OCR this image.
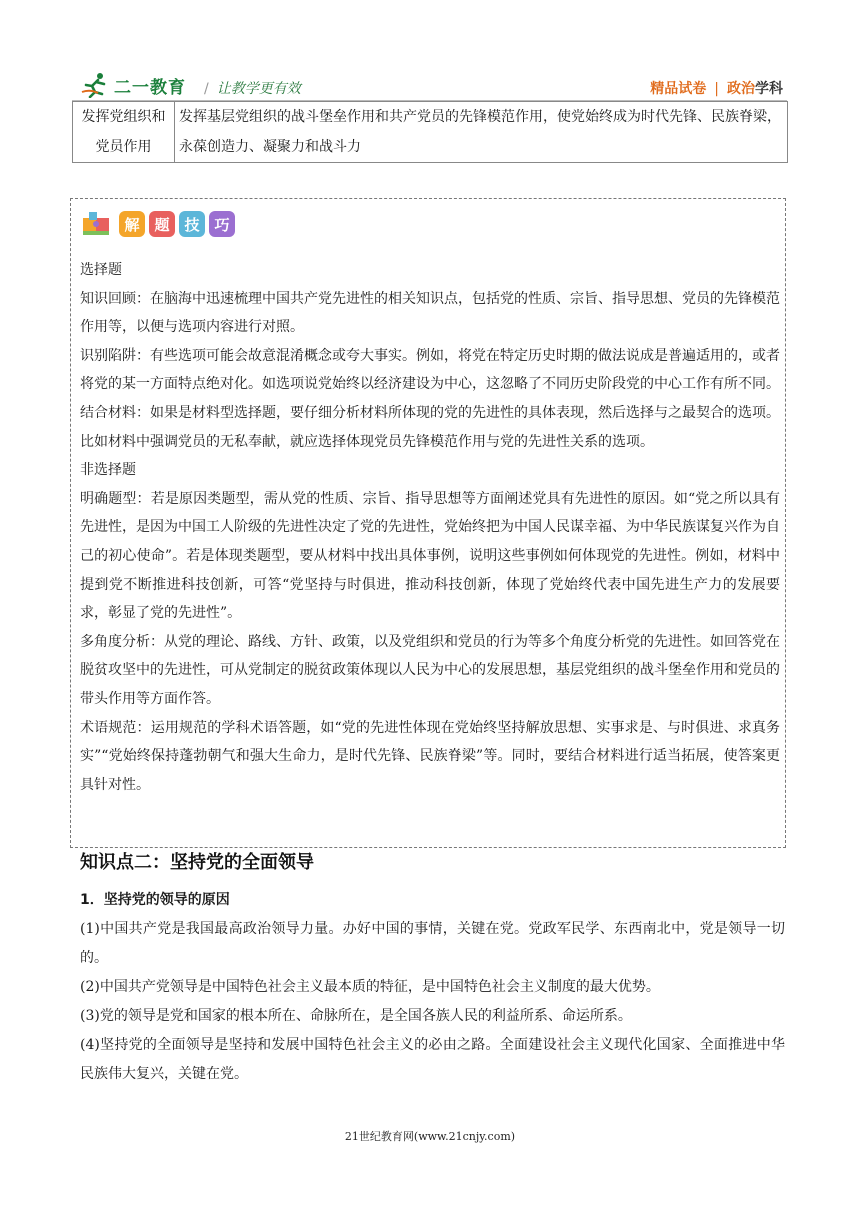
二一教育 / 让教学更有效	精品试卷 | 政治学科
发挥党组织和党员作用	发挥基层党组织的战斗堡垒作用和共产党员的先锋模范作用，使党始终成为时代先锋、民族脊梁，永葆创造力、凝聚力和战斗力
解 题 技 巧

选择题

知识回顾：在脑海中迅速梳理中国共产党先进性的相关知识点，包括党的性质、宗旨、指导思想、党员的先锋模范作用等，以便与选项内容进行对照。

识别陷阱：有些选项可能会故意混淆概念或夸大事实。例如，将党在特定历史时期的做法说成是普遍适用的，或者将党的某一方面特点绝对化。如选项说党始终以经济建设为中心，这忽略了不同历史阶段党的中心工作有所不同。

结合材料：如果是材料型选择题，要仔细分析材料所体现的党的先进性的具体表现，然后选择与之最契合的选项。比如材料中强调党员的无私奉献，就应选择体现党员先锋模范作用与党的先进性关系的选项。

非选择题

明确题型：若是原因类题型，需从党的性质、宗旨、指导思想等方面阐述党具有先进性的原因。如“党之所以具有先进性，是因为中国工人阶级的先进性决定了党的先进性，党始终把为中国人民谋幸福、为中华民族谋复兴作为自己的初心使命”。若是体现类题型，要从材料中找出具体事例，说明这些事例如何体现党的先进性。例如，材料中提到党不断推进科技创新，可答“党坚持与时俱进，推动科技创新，体现了党始终代表中国先进生产力的发展要求，彰显了党的先进性”。

多角度分析：从党的理论、路线、方针、政策，以及党组织和党员的行为等多个角度分析党的先进性。如回答党在脱贫攻坚中的先进性，可从党制定的脱贫政策体现以人民为中心的发展思想，基层党组织的战斗堡垒作用和党员的带头作用等方面作答。

术语规范：运用规范的学科术语答题，如“党的先进性体现在党始终坚持解放思想、实事求是、与时俱进、求真务实”“党始终保持蓬勃朝气和强大生命力，是时代先锋、民族脊梁”等。同时，要结合材料进行适当拓展，使答案更具针对性。

知识点二：坚持党的全面领导

1．坚持党的领导的原因

(1)中国共产党是我国最高政治领导力量。办好中国的事情，关键在党。党政军民学、东西南北中，党是领导一切的。

(2)中国共产党领导是中国特色社会主义最本质的特征，是中国特色社会主义制度的最大优势。

(3)党的领导是党和国家的根本所在、命脉所在，是全国各族人民的利益所系、命运所系。

(4)坚持党的全面领导是坚持和发展中国特色社会主义的必由之路。全面建设社会主义现代化国家、全面推进中华民族伟大复兴，关键在党。

21世纪教育网(www.21cnjy.com)
